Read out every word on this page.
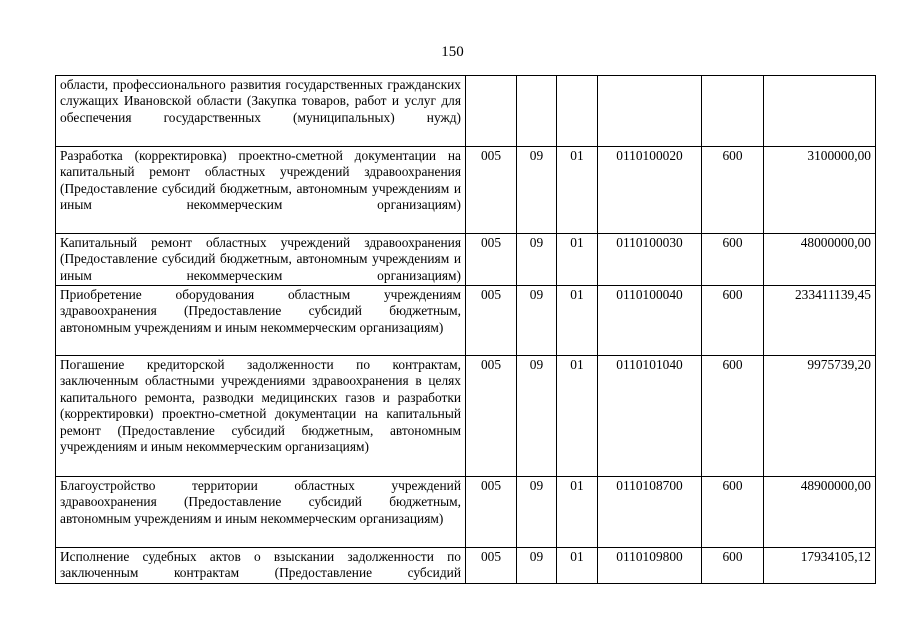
150
области, профессионального развития государственных гражданских служащих Ивановской области (Закупка товаров, работ и услуг для обеспечения государственных (муниципальных) нужд)						
Разработка (корректировка) проектно-сметной документации на капитальный ремонт областных учреждений здравоохранения (Предоставление субсидий бюджетным, автономным учреждениям и иным некоммерческим организациям)	005	09	01	0110100020	600	3100000,00
Капитальный ремонт областных учреждений здравоохранения (Предоставление субсидий бюджетным, автономным учреждениям и иным некоммерческим организациям)	005	09	01	0110100030	600	48000000,00
Приобретение оборудования областным учреждениям здравоохранения (Предоставление субсидий бюджетным, автономным учреждениям и иным некоммерческим организациям)	005	09	01	0110100040	600	233411139,45
Погашение кредиторской задолженности по контрактам, заключенным областными учреждениями здравоохранения в целях капитального ремонта, разводки медицинских газов и разработки (корректировки) проектно-сметной документации на капитальный ремонт (Предоставление субсидий бюджетным, автономным учреждениям и иным некоммерческим организациям)	005	09	01	0110101040	600	9975739,20
Благоустройство территории областных учреждений здравоохранения (Предоставление субсидий бюджетным, автономным учреждениям и иным некоммерческим организациям)	005	09	01	0110108700	600	48900000,00
Исполнение судебных актов о взыскании задолженности по заключенным контрактам (Предоставление субсидий	005	09	01	0110109800	600	17934105,12
